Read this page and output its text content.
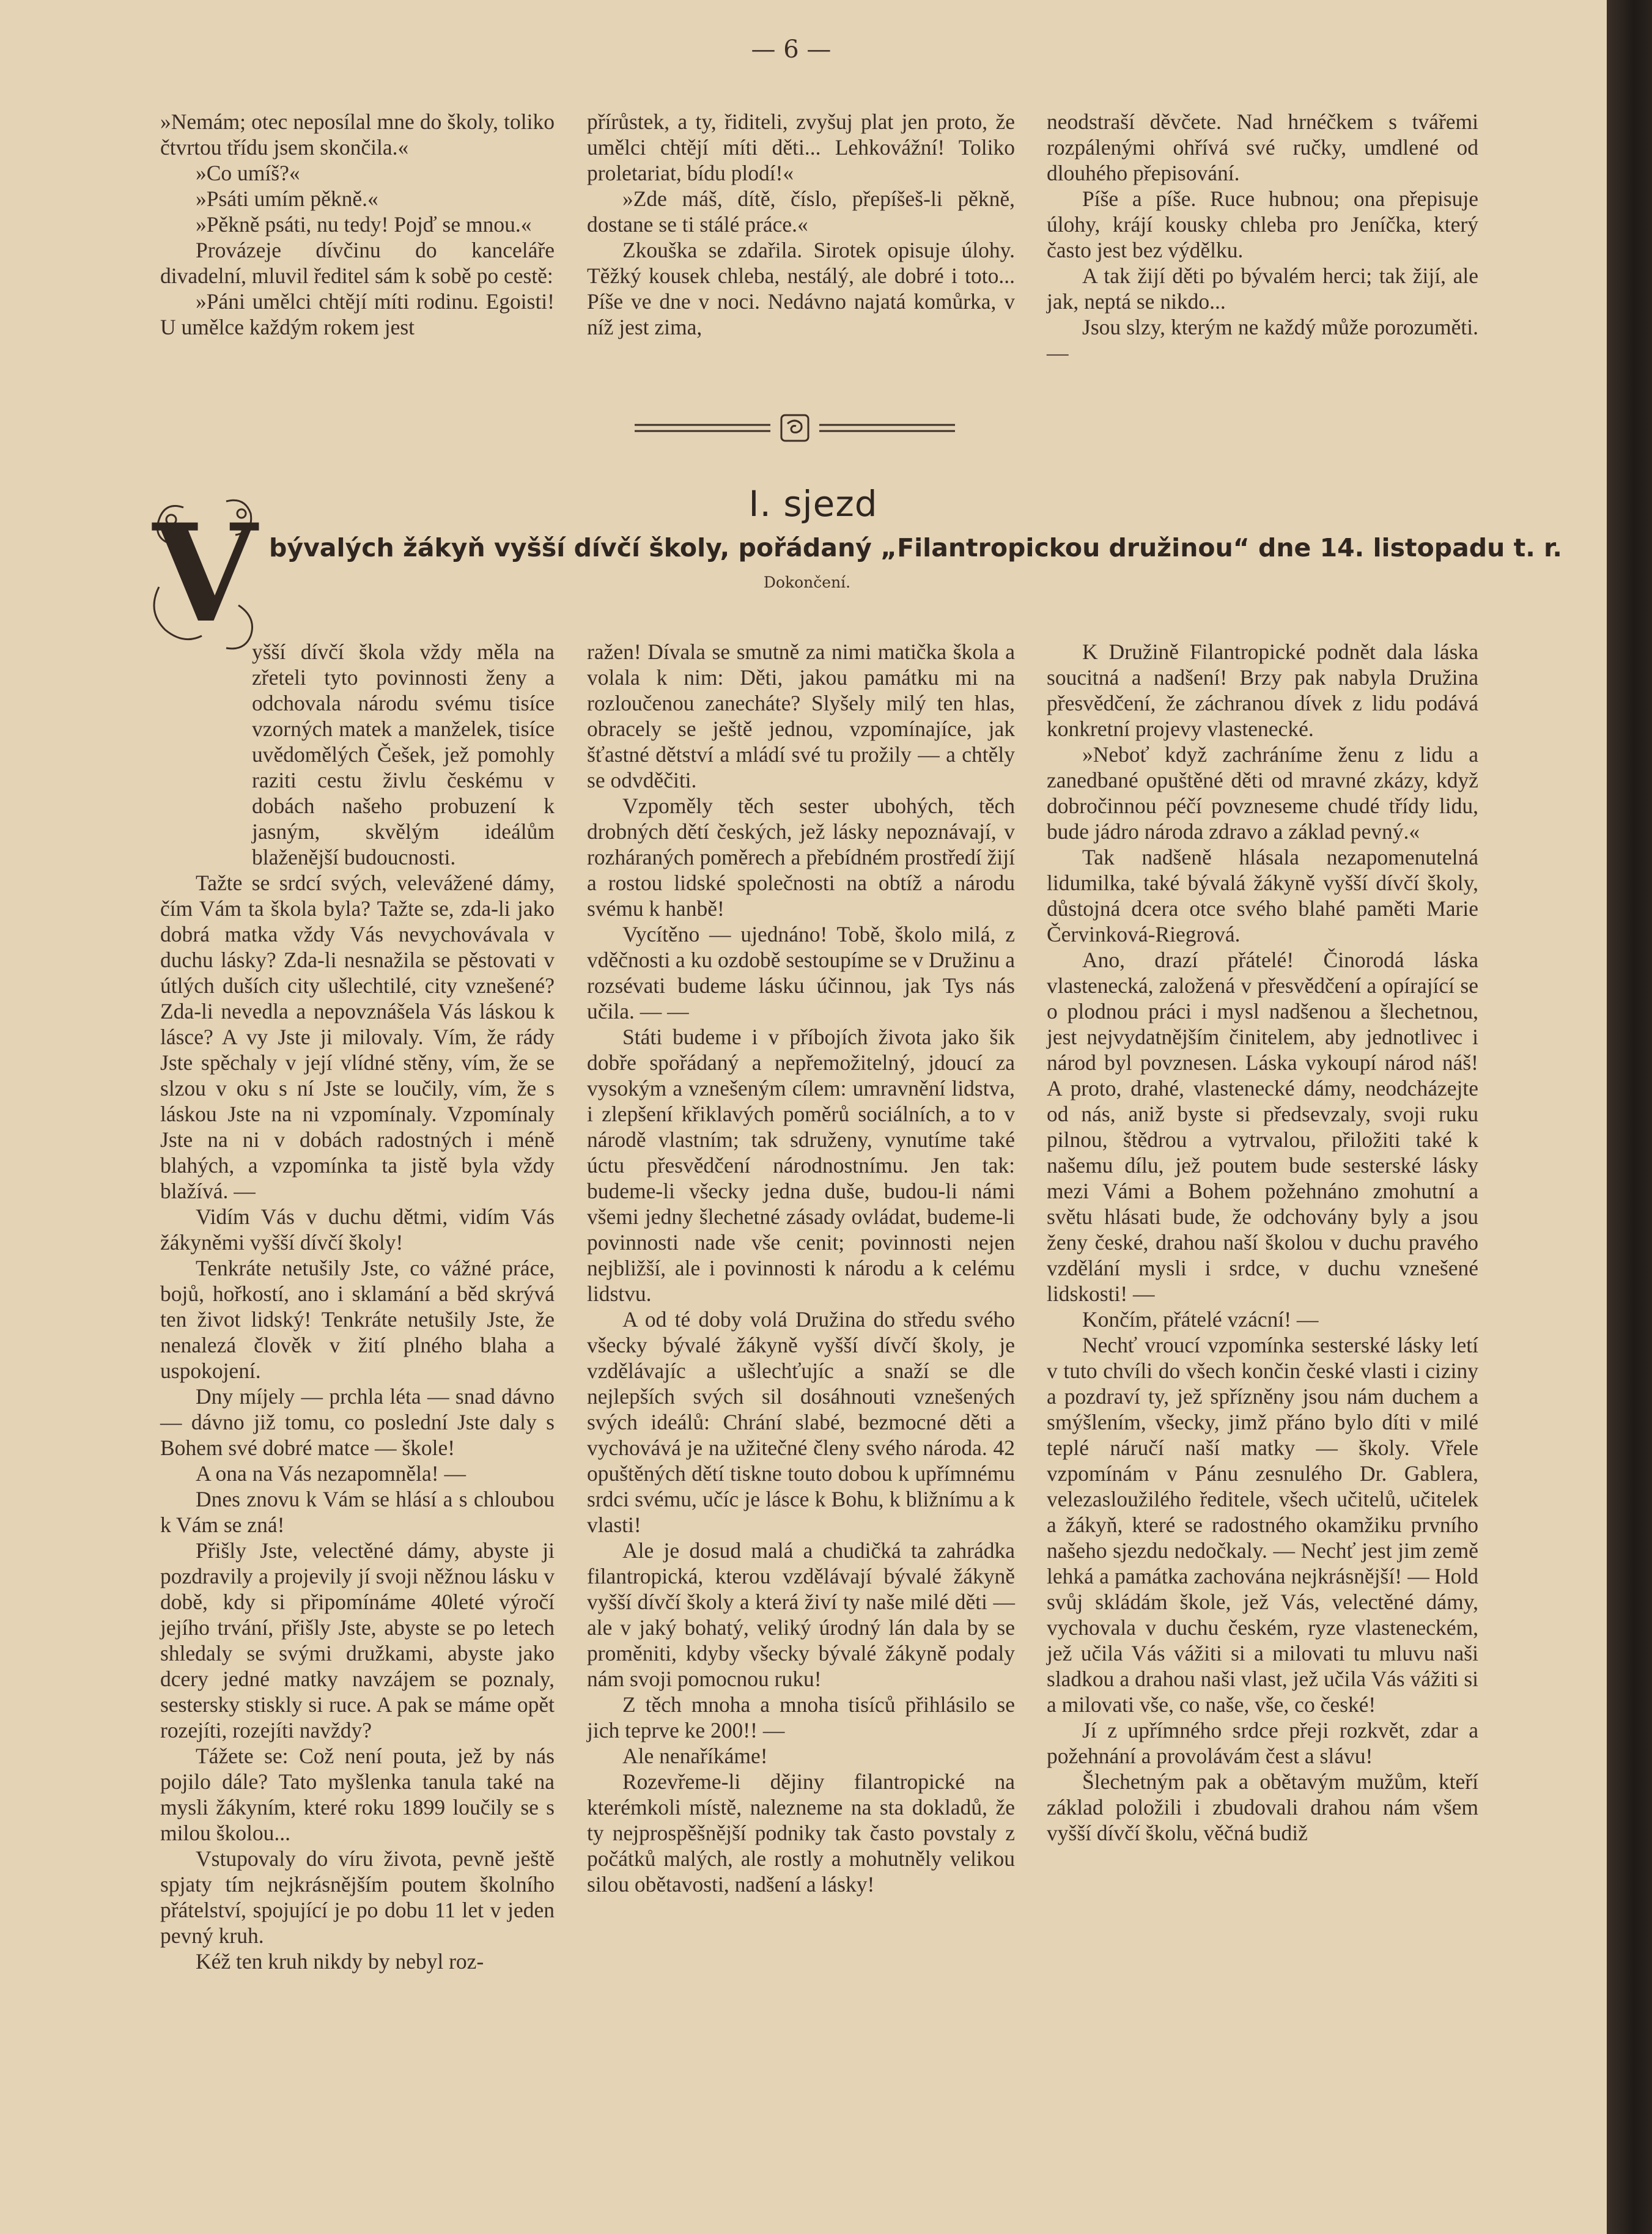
— 6 —

»Nemám; otec neposílal mne do školy, toliko čtvrtou třídu jsem skončila.«

»Co umíš?«

»Psáti umím pěkně.«

»Pěkně psáti, nu tedy! Pojď se mnou.«

Provázeje dívčinu do kanceláře divadelní, mluvil ředitel sám k sobě po cestě:

»Páni umělci chtějí míti rodinu. Egoisti! U umělce každým rokem jest

přírůstek, a ty, řiditeli, zvyšuj plat jen proto, že umělci chtějí míti děti... Lehkovážní! Toliko proletariat, bídu plodí!«

»Zde máš, dítě, číslo, přepíšeš-li pěkně, dostane se ti stálé práce.«

Zkouška se zdařila. Sirotek opisuje úlohy. Těžký kousek chleba, nestálý, ale dobré i toto... Píše ve dne v noci. Nedávno najatá komůrka, v níž jest zima,

neodstraší děvčete. Nad hrnéčkem s tvářemi rozpálenými ohřívá své ručky, umdlené od dlouhého přepisování.

Píše a píše. Ruce hubnou; ona přepisuje úlohy, krájí kousky chleba pro Jeníčka, který často jest bez výdělku.

A tak žijí děti po bývalém herci; tak žijí, ale jak, neptá se nikdo...

Jsou slzy, kterým ne každý může porozuměti. —

I. sjezd
V bývalých žákyň vyšší dívčí školy, pořádaný „Filantropickou družinou“ dne 14. listopadu t. r.
Dokončení.

yšší dívčí škola vždy měla na zřeteli tyto povinnosti ženy a odchovala národu svému tisíce vzorných matek a manželek, tisíce uvědomělých Češek, jež pomohly raziti cestu živlu českému v dobách našeho probuzení k jasným, skvělým ideálům blaženější budoucnosti.

Tažte se srdcí svých, velevážené dámy, čím Vám ta škola byla? Tažte se, zda-li jako dobrá matka vždy Vás nevychovávala v duchu lásky? Zda-li nesnažila se pěstovati v útlých duších city ušlechtilé, city vznešené? Zda-li nevedla a nepovznášela Vás láskou k lásce? A vy Jste ji milovaly. Vím, že rády Jste spěchaly v její vlídné stěny, vím, že se slzou v oku s ní Jste se loučily, vím, že s láskou Jste na ni vzpomínaly. Vzpomínaly Jste na ni v dobách radostných i méně blahých, a vzpomínka ta jistě byla vždy blažívá. —

Vidím Vás v duchu dětmi, vidím Vás žákyněmi vyšší dívčí školy!

Tenkráte netušily Jste, co vážné práce, bojů, hořkostí, ano i sklamání a běd skrývá ten život lidský! Tenkráte netušily Jste, že nenalezá člověk v žití plného blaha a uspokojení.

Dny míjely — prchla léta — snad dávno — dávno již tomu, co poslední Jste daly s Bohem své dobré matce — škole!

A ona na Vás nezapomněla! —

Dnes znovu k Vám se hlásí a s chloubou k Vám se zná!

Přišly Jste, velectěné dámy, abyste ji pozdravily a projevily jí svoji něžnou lásku v době, kdy si připomínáme 40leté výročí jejího trvání, přišly Jste, abyste se po letech shledaly se svými družkami, abyste jako dcery jedné matky navzájem se poznaly, sestersky stiskly si ruce. A pak se máme opět rozejíti, rozejíti navždy?

Tážete se: Což není pouta, jež by nás pojilo dále? Tato myšlenka tanula také na mysli žákyním, které roku 1899 loučily se s milou školou...

Vstupovaly do víru života, pevně ještě spjaty tím nejkrásnějším poutem školního přátelství, spojující je po dobu 11 let v jeden pevný kruh.

Kéž ten kruh nikdy by nebyl roz-

ražen! Dívala se smutně za nimi matička škola a volala k nim: Děti, jakou památku mi na rozloučenou zanecháte? Slyšely milý ten hlas, obracely se ještě jednou, vzpomínajíce, jak šťastné dětství a mládí své tu prožily — a chtěly se odvděčiti.

Vzpoměly těch sester ubohých, těch drobných dětí českých, jež lásky nepoznávají, v rozháraných poměrech a přebídném prostředí žijí a rostou lidské společnosti na obtíž a národu svému k hanbě!

Vycítěno — ujednáno! Tobě, školo milá, z vděčnosti a ku ozdobě sestoupíme se v Družinu a rozsévati budeme lásku účinnou, jak Tys nás učila. — —

Státi budeme i v příbojích života jako šik dobře spořádaný a nepřemožitelný, jdoucí za vysokým a vznešeným cílem: umravnění lidstva, i zlepšení křiklavých poměrů sociálních, a to v národě vlastním; tak sdruženy, vynutíme také úctu přesvědčení národnostnímu. Jen tak: budeme-li všecky jedna duše, budou-li námi všemi jedny šlechetné zásady ovládat, budeme-li povinnosti nade vše cenit; povinnosti nejen nejbližší, ale i povinnosti k národu a k celému lidstvu.

A od té doby volá Družina do středu svého všecky bývalé žákyně vyšší dívčí školy, je vzdělávajíc a ušlechťujíc a snaží se dle nejlepších svých sil dosáhnouti vznešených svých ideálů: Chrání slabé, bezmocné děti a vychovává je na užitečné členy svého národa. 42 opuštěných dětí tiskne touto dobou k upřímnému srdci svému, učíc je lásce k Bohu, k bližnímu a k vlasti!

Ale je dosud malá a chudičká ta zahrádka filantropická, kterou vzdělávají bývalé žákyně vyšší dívčí školy a která živí ty naše milé děti — ale v jaký bohatý, veliký úrodný lán dala by se proměniti, kdyby všecky bývalé žákyně podaly nám svoji pomocnou ruku!

Z těch mnoha a mnoha tisíců přihlásilo se jich teprve ke 200!! —

Ale nenaříkáme!

Rozevřeme-li dějiny filantropické na kterémkoli místě, nalezneme na sta dokladů, že ty nejprospěšnější podniky tak často povstaly z počátků malých, ale rostly a mohutněly velikou silou obětavosti, nadšení a lásky!

K Družině Filantropické podnět dala láska soucitná a nadšení! Brzy pak nabyla Družina přesvědčení, že záchranou dívek z lidu podává konkretní projevy vlastenecké.

»Neboť když zachráníme ženu z lidu a zanedbané opuštěné děti od mravné zkázy, když dobročinnou péčí povzneseme chudé třídy lidu, bude jádro národa zdravo a základ pevný.«

Tak nadšeně hlásala nezapomenutelná lidumilka, také bývalá žákyně vyšší dívčí školy, důstojná dcera otce svého blahé paměti Marie Červinková-Riegrová.

Ano, drazí přátelé! Činorodá láska vlastenecká, založená v přesvědčení a opírající se o plodnou práci i mysl nadšenou a šlechetnou, jest nejvydatnějším činitelem, aby jednotlivec i národ byl povznesen. Láska vykoupí národ náš! A proto, drahé, vlastenecké dámy, neodcházejte od nás, aniž byste si předsevzaly, svoji ruku pilnou, štědrou a vytrvalou, přiložiti také k našemu dílu, jež poutem bude sesterské lásky mezi Vámi a Bohem požehnáno zmohutní a světu hlásati bude, že odchovány byly a jsou ženy české, drahou naší školou v duchu pravého vzdělání mysli i srdce, v duchu vznešené lidskosti! —

Končím, přátelé vzácní! —

Nechť vroucí vzpomínka sesterské lásky letí v tuto chvíli do všech končin české vlasti i ciziny a pozdraví ty, jež spřízněny jsou nám duchem a smýšlením, všecky, jimž přáno bylo díti v milé teplé náručí naší matky — školy. Vřele vzpomínám v Pánu zesnulého Dr. Gablera, velezasloužilého ředitele, všech učitelů, učitelek a žákyň, které se radostného okamžiku prvního našeho sjezdu nedočkaly. — Nechť jest jim země lehká a památka zachována nejkrásnější! — Hold svůj skládám škole, jež Vás, velectěné dámy, vychovala v duchu českém, ryze vlasteneckém, jež učila Vás vážiti si a milovati tu mluvu naši sladkou a drahou naši vlast, jež učila Vás vážiti si a milovati vše, co naše, vše, co české!

Jí z upřímného srdce přeji rozkvět, zdar a požehnání a provolávám čest a slávu!

Šlechetným pak a obětavým mužům, kteří základ položili i zbudovali drahou nám všem vyšší dívčí školu, věčná budiž
